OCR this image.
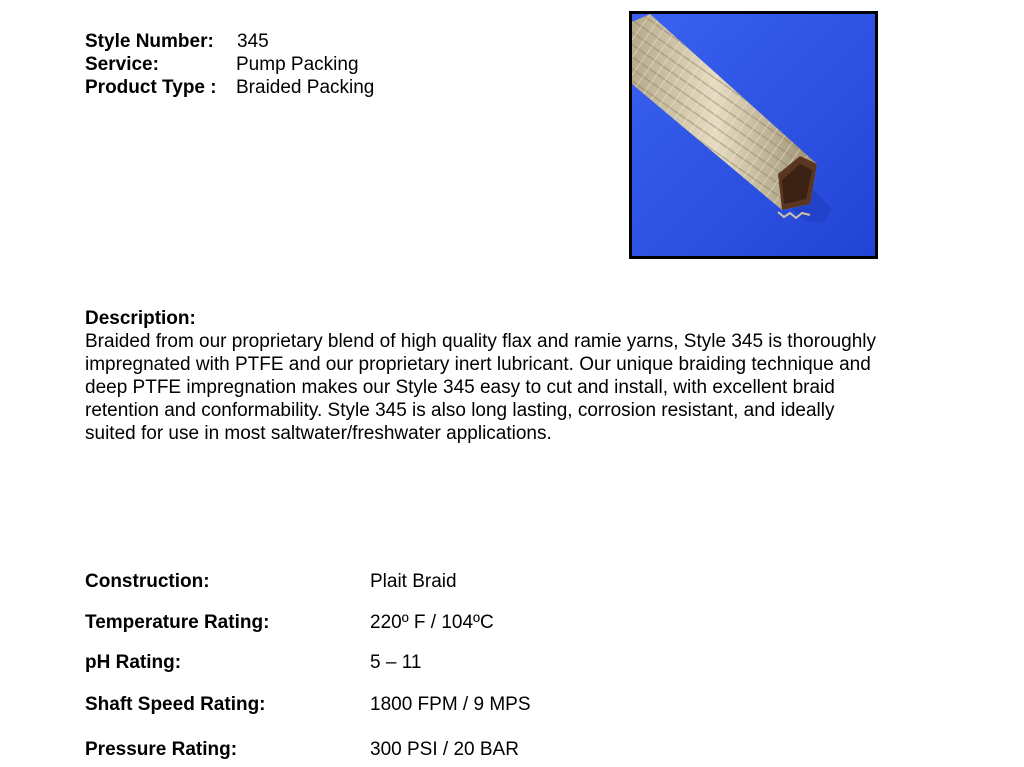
Style Number: 345
Service:	Pump Packing
Product Type : Braided Packing
Description:
Braided from our proprietary blend of high quality flax and ramie yarns, Style 345 is thoroughly
impregnated with PTFE and our proprietary inert lubricant. Our unique braiding technique and
deep PTFE impregnation makes our Style 345 easy to cut and install, with excellent braid
retention and conformability. Style 345 is also long lasting, corrosion resistant, and ideally
suited for use in most saltwater/freshwater applications.
Construction:	Plait Braid
Temperature Rating:	220º F / 104ºC
pH Rating:	5 – 11
Shaft Speed Rating:	1800 FPM / 9 MPS
Pressure Rating:	300 PSI / 20 BAR
